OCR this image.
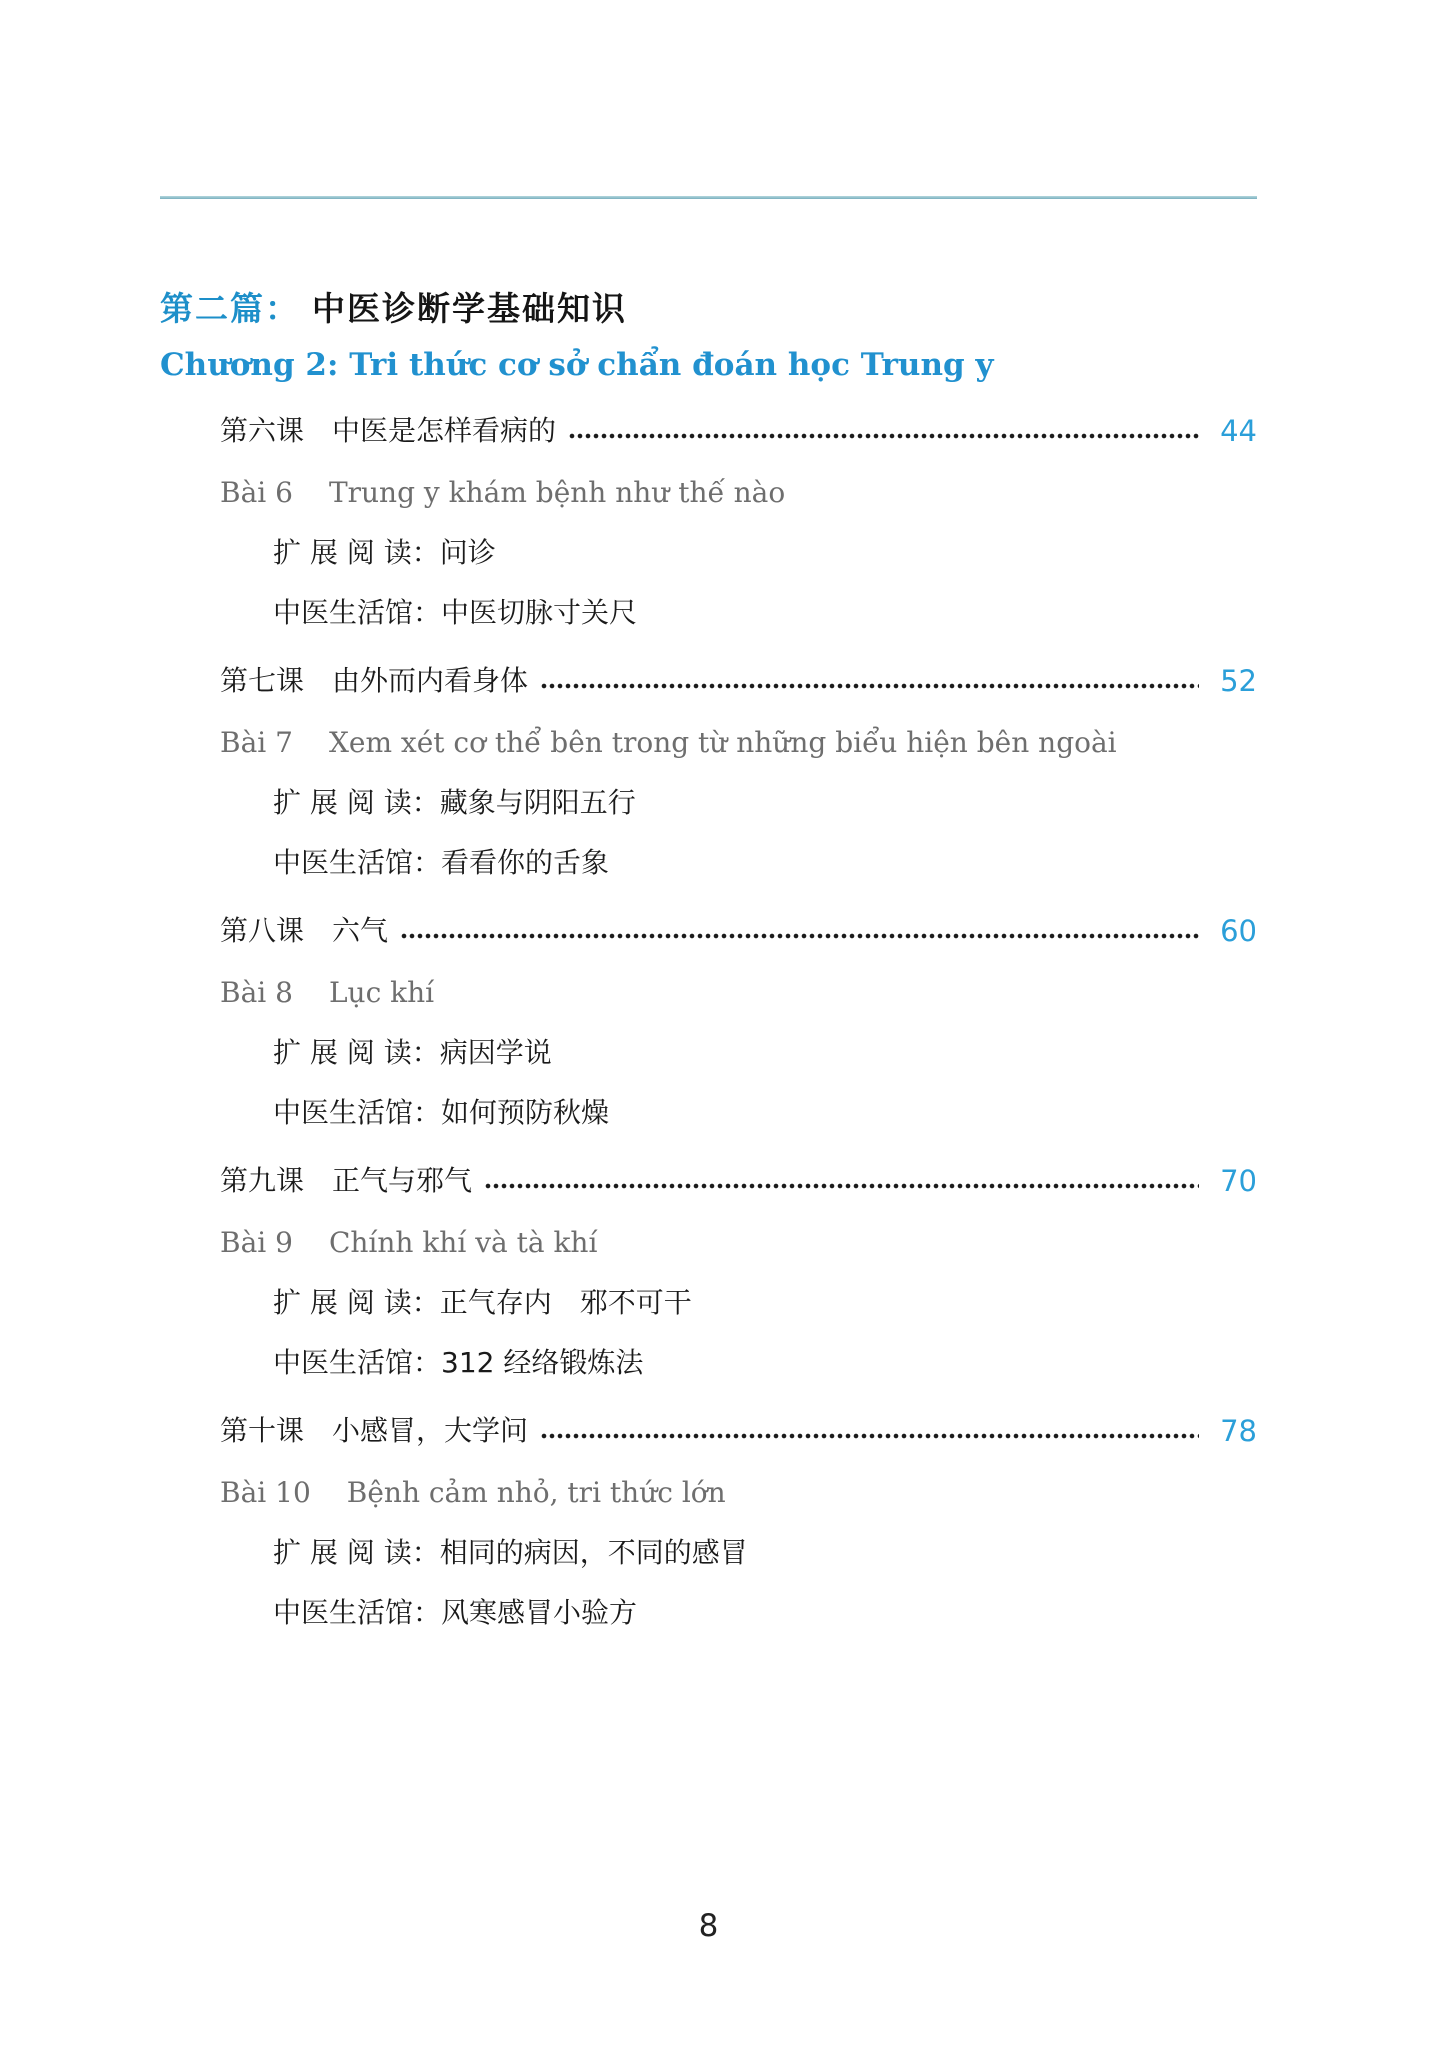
第二篇： 中医诊断学基础知识
Chương 2: Tri thức cơ sở chẩn đoán học Trung y
第六课 中医是怎样看病的	44
Bài 6 Trung y khám bệnh như thế nào
扩 展 阅 读：问诊
中医生活馆：中医切脉寸关尺
第七课 由外而内看身体	52
Bài 7 Xem xét cơ thể bên trong từ những biểu hiện bên ngoài
扩 展 阅 读：藏象与阴阳五行
中医生活馆：看看你的舌象
第八课 六气	60
Bài 8 Lục khí
扩 展 阅 读：病因学说
中医生活馆：如何预防秋燥
第九课 正气与邪气	70
Bài 9 Chính khí và tà khí
扩 展 阅 读：正气存内　邪不可干
中医生活馆：312 经络锻炼法
第十课 小感冒，大学问	78
Bài 10 Bệnh cảm nhỏ, tri thức lớn
扩 展 阅 读：相同的病因，不同的感冒
中医生活馆：风寒感冒小验方
8
